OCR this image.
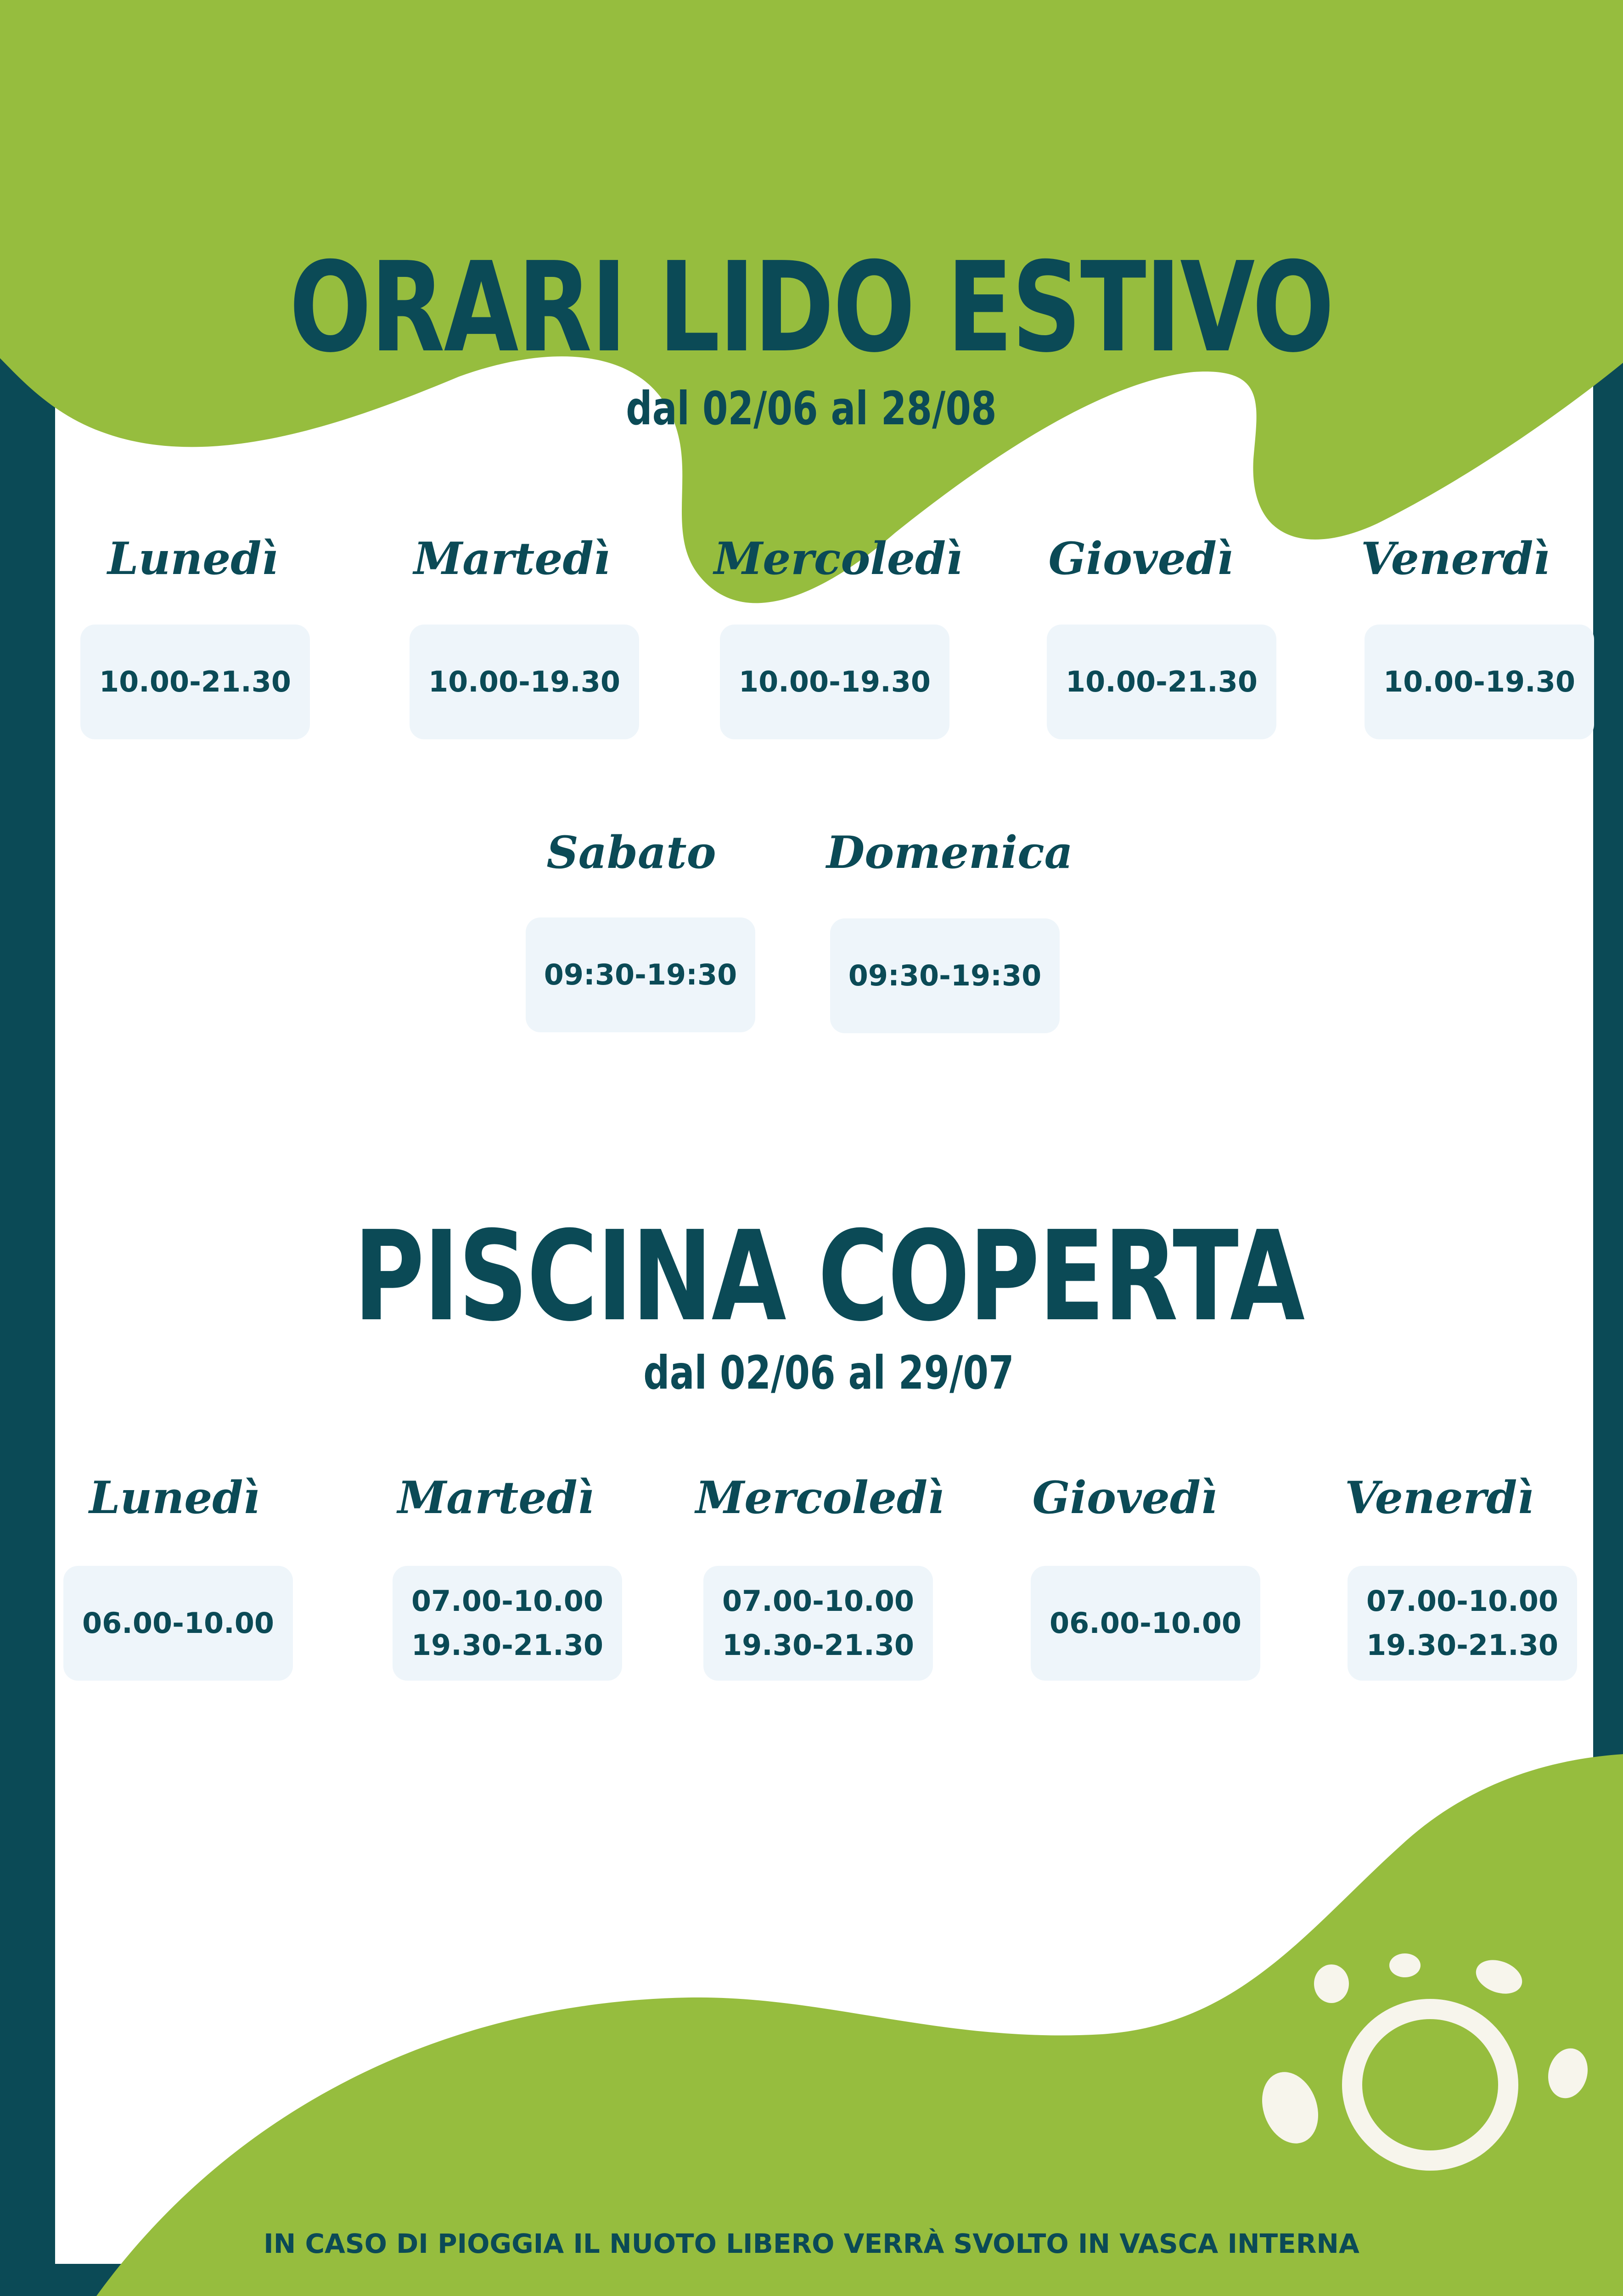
ORARI LIDO ESTIVO
dal 02/06 al 28/08
Lunedì
10.00-21.30
Martedì
10.00-19.30
Mercoledì
10.00-19.30
Giovedì
10.00-21.30
Venerdì
10.00-19.30
Sabato
09:30-19:30
Domenica
09:30-19:30
PISCINA COPERTA
dal 02/06 al 29/07
Lunedì
06.00-10.00
Martedì
07.00-10.00
19.30-21.30
Mercoledì
07.00-10.00
19.30-21.30
Giovedì
06.00-10.00
Venerdì
07.00-10.00
19.30-21.30
IN CASO DI PIOGGIA IL NUOTO LIBERO VERRÀ SVOLTO IN VASCA INTERNA
